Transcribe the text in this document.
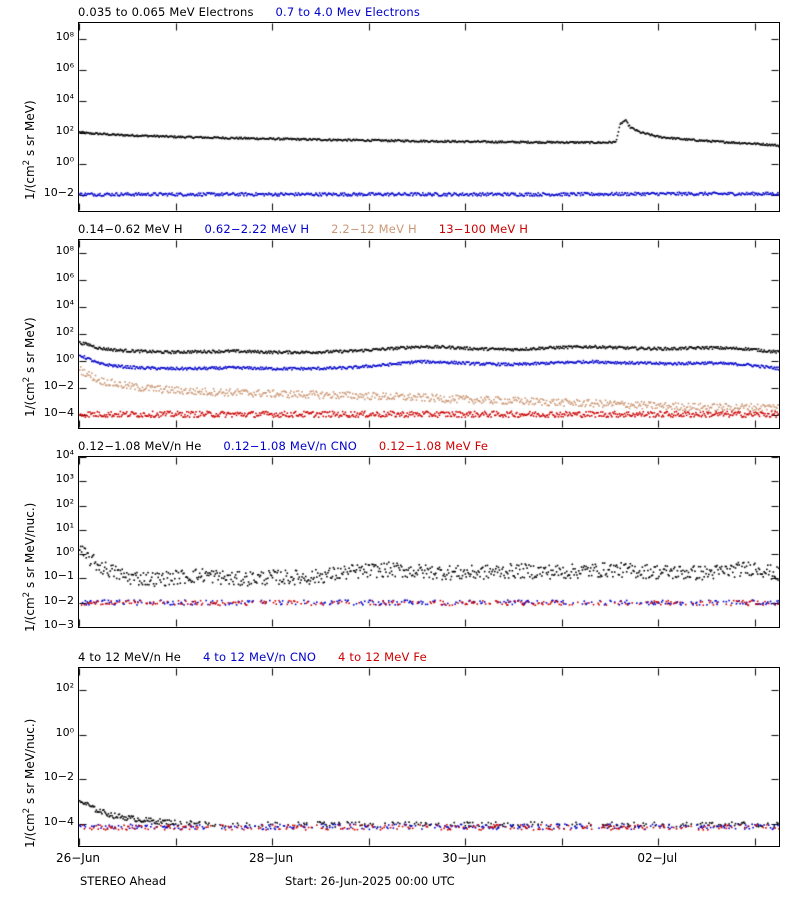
0.035 to 0.065 MeV Electrons 0.7 to 4.0 Mev Electrons
$1/(cm^2$ s sr MeV)
0.14−0.62 MeV H 0.62−2.22 MeV H 2.2−12 MeV H 13−100 MeV H
$1/(cm^2$ s sr MeV)
0.12−1.08 MeV/n He 0.12−1.08 MeV/n CNO 0.12−1.08 MeV Fe
$1/(cm^2$ s sr MeV/nuc.)
4 to 12 MeV/n He 4 to 12 MeV/n CNO 4 to 12 MeV Fe
$1/(cm^2$ s sr MeV/nuc.)
10−2
10⁰
10²
10⁴
10⁶
10⁸
10−4
10−2
10⁰
10²
10⁴
10⁶
10⁸
10−3
10−2
10−1
10⁰
10¹
10²
10³
10⁴
10−4
10−2
10⁰
10²
26−Jun	28−Jun	30−Jun	02−Jul
STEREO Ahead	Start: 26-Jun-2025 00:00 UTC
